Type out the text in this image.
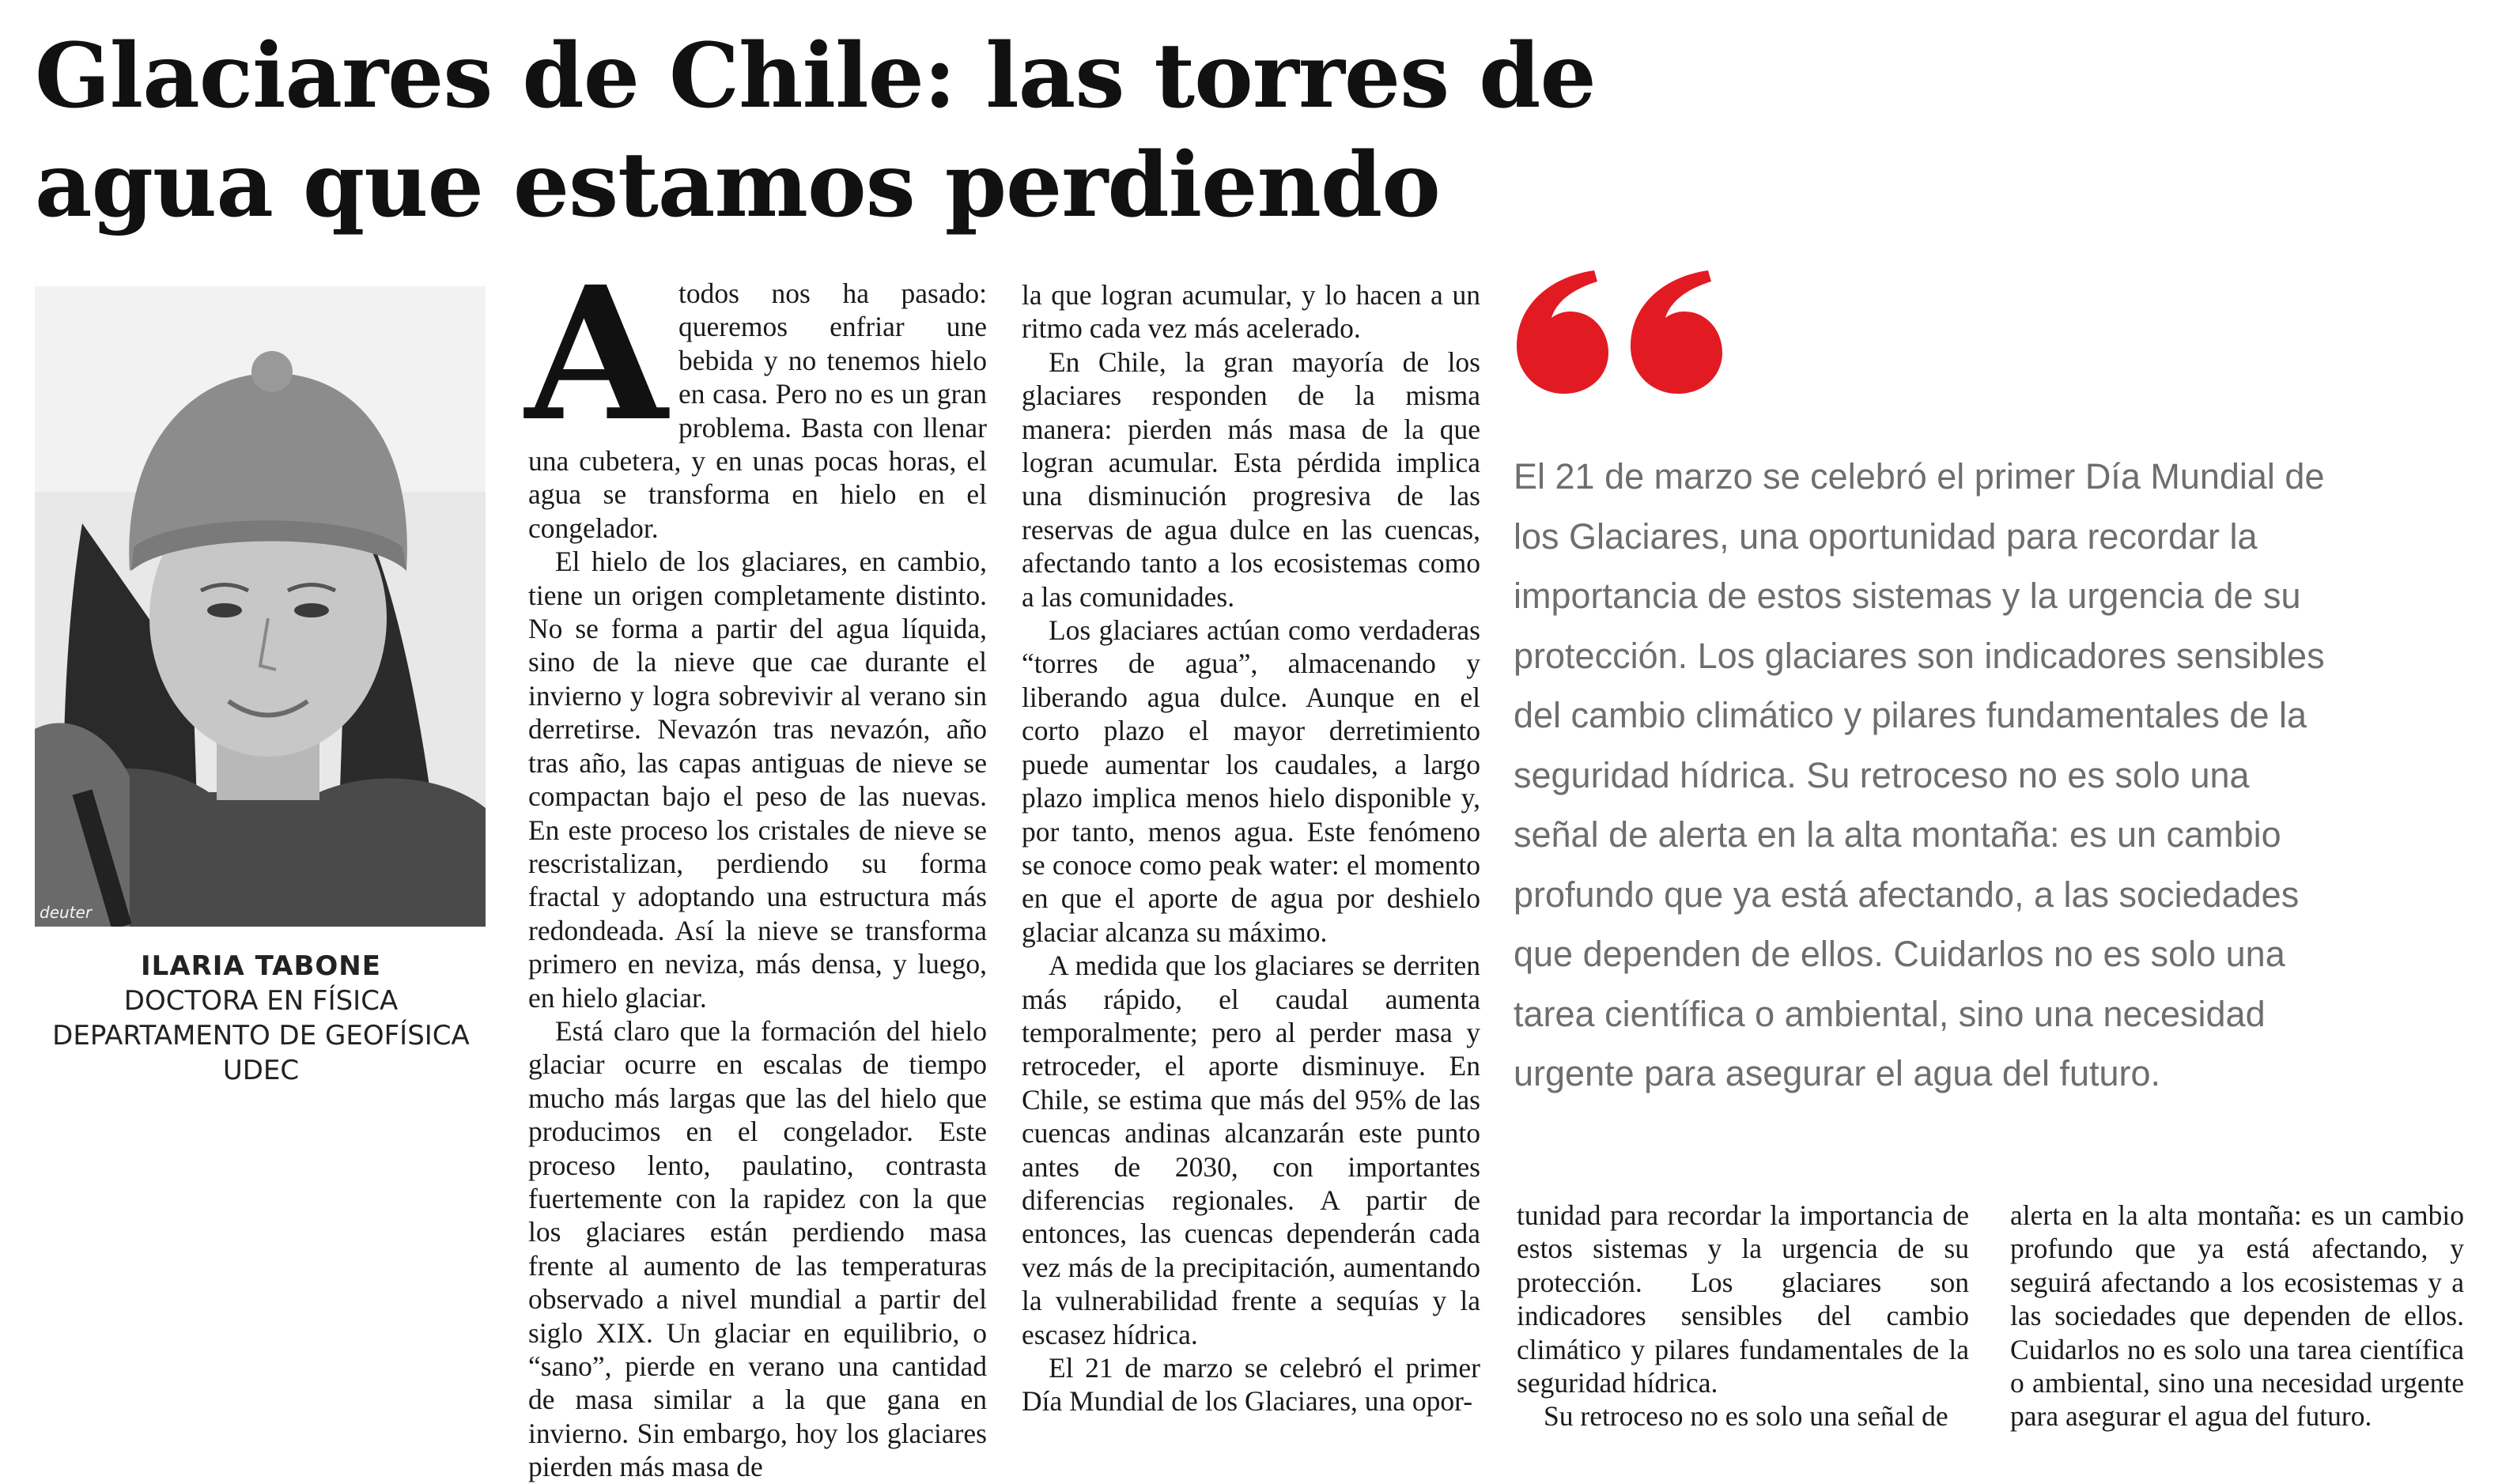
Glaciares de Chile: las torres de agua que estamos perdiendo
deuter
ILARIA TABONE
DOCTORA EN FÍSICA
DEPARTAMENTO DE GEOFÍSICA
UDEC
A todos nos ha pasado: queremos enfriar une bebida y no tenemos hielo en casa. Pero no es un gran problema. Basta con llenar una cubetera, y en unas pocas horas, el agua se transforma en hielo en el congelador.

El hielo de los glaciares, en cambio, tiene un origen completamente distinto. No se forma a partir del agua líquida, sino de la nieve que cae durante el invierno y logra sobrevivir al verano sin derretirse. Nevazón tras nevazón, año tras año, las capas antiguas de nieve se compactan bajo el peso de las nuevas. En este proceso los cristales de nieve se rescristalizan, perdiendo su forma fractal y adoptando una estructura más redondeada. Así la nieve se transforma primero en neviza, más densa, y luego, en hielo glaciar.

Está claro que la formación del hielo glaciar ocurre en escalas de tiempo mucho más largas que las del hielo que producimos en el congelador. Este proceso lento, paulatino, contrasta fuertemente con la rapidez con la que los glaciares están perdiendo masa frente al aumento de las temperaturas observado a nivel mundial a partir del siglo XIX. Un glaciar en equilibrio, o “sano”, pierde en verano una cantidad de masa similar a la que gana en invierno. Sin embargo, hoy los glaciares pierden más masa de

la que logran acumular, y lo hacen a un ritmo cada vez más acelerado.

En Chile, la gran mayoría de los glaciares responden de la misma manera: pierden más masa de la que logran acumular. Esta pérdida implica una disminución progresiva de las reservas de agua dulce en las cuencas, afectando tanto a los ecosistemas como a las comunidades.

Los glaciares actúan como verdaderas “torres de agua”, almacenando y liberando agua dulce. Aunque en el corto plazo el mayor derretimiento puede aumentar los caudales, a largo plazo implica menos hielo disponible y, por tanto, menos agua. Este fenómeno se conoce como peak water: el momento en que el aporte de agua por deshielo glaciar alcanza su máximo.

A medida que los glaciares se derriten más rápido, el caudal aumenta temporalmente; pero al perder masa y retroceder, el aporte disminuye. En Chile, se estima que más del 95% de las cuencas andinas alcanzarán este punto antes de 2030, con importantes diferencias regionales. A partir de entonces, las cuencas dependerán cada vez más de la precipitación, aumentando la vulnerabilidad frente a sequías y la escasez hídrica.

El 21 de marzo se celebró el primer Día Mundial de los Glaciares, una opor-

El 21 de marzo se celebró el primer Día Mundial de los Glaciares, una oportunidad para recordar la importancia de estos sistemas y la urgencia de su protección. Los glaciares son indicadores sensibles del cambio climático y pilares fundamentales de la seguridad hídrica. Su retroceso no es solo una señal de alerta en la alta montaña: es un cambio profundo que ya está afectando, a las sociedades que dependen de ellos. Cuidarlos no es solo una tarea científica o ambiental, sino una necesidad urgente para asegurar el agua del futuro.

tunidad para recordar la importancia de estos sistemas y la urgencia de su protección. Los glaciares son indicadores sensibles del cambio climático y pilares fundamentales de la seguridad hídrica.

Su retroceso no es solo una señal de

alerta en la alta montaña: es un cambio profundo que ya está afectando, y seguirá afectando a los ecosistemas y a las sociedades que dependen de ellos. Cuidarlos no es solo una tarea científica o ambiental, sino una necesidad urgente para asegurar el agua del futuro.
